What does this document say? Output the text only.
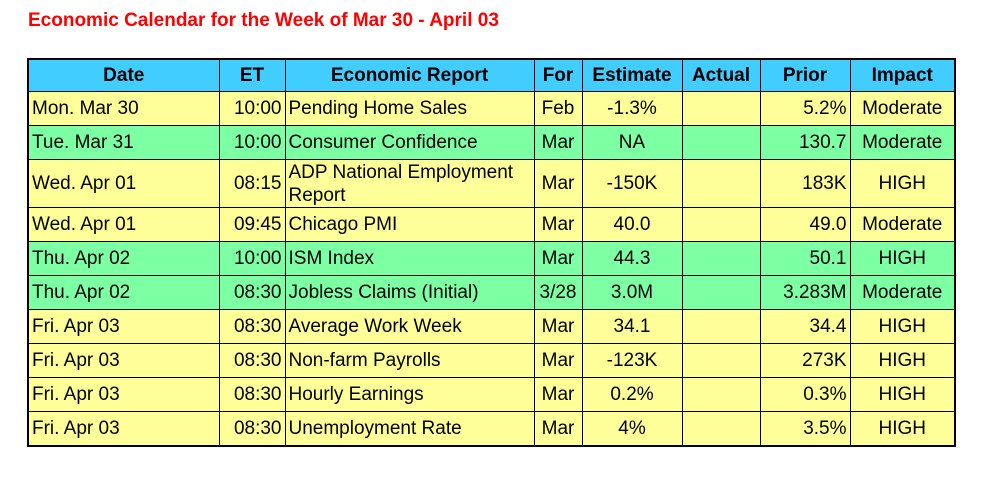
Economic Calendar for the Week of Mar 30 - April 03
Date	ET	Economic Report	For	Estimate	Actual	Prior	Impact
Mon. Mar 30	10:00	Pending Home Sales	Feb	-1.3%		5.2%	Moderate
Tue. Mar 31	10:00	Consumer Confidence	Mar	NA		130.7	Moderate
Wed. Apr 01	08:15	ADP National Employment Report	Mar	-150K		183K	HIGH
Wed. Apr 01	09:45	Chicago PMI	Mar	40.0		49.0	Moderate
Thu. Apr 02	10:00	ISM Index	Mar	44.3		50.1	HIGH
Thu. Apr 02	08:30	Jobless Claims (Initial)	3/28	3.0M		3.283M	Moderate
Fri. Apr 03	08:30	Average Work Week	Mar	34.1		34.4	HIGH
Fri. Apr 03	08:30	Non-farm Payrolls	Mar	-123K		273K	HIGH
Fri. Apr 03	08:30	Hourly Earnings	Mar	0.2%		0.3%	HIGH
Fri. Apr 03	08:30	Unemployment Rate	Mar	4%		3.5%	HIGH
